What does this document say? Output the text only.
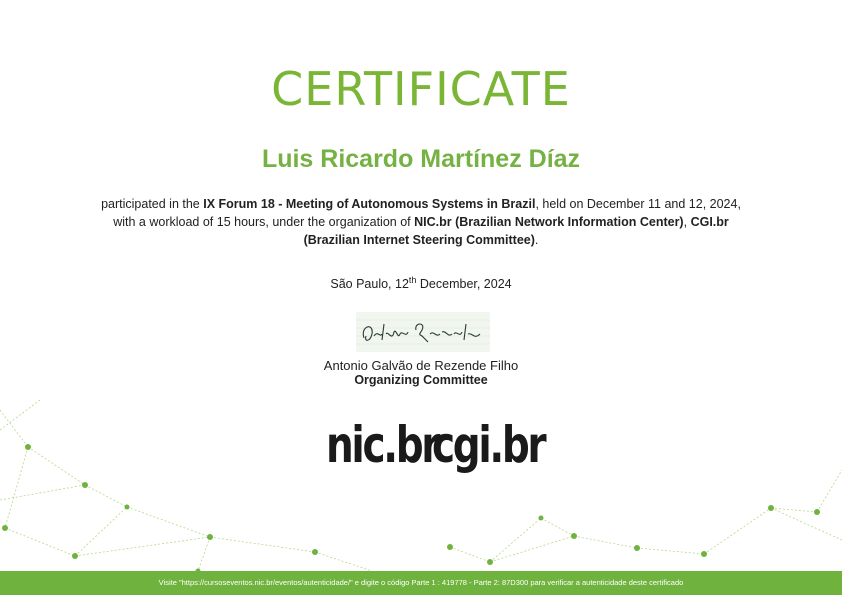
CERTIFICATE
Luis Ricardo Martínez Díaz
participated in the IX Forum 18 - Meeting of Autonomous Systems in Brazil, held on December 11 and 12, 2024,
with a workload of 15 hours, under the organization of NIC.br (Brazilian Network Information Center), CGI.br
(Brazilian Internet Steering Committee).
São Paulo, 12th December, 2024
Antonio Galvão de Rezende Filho
Organizing Committee
nic.br
cgi.br
Visite "https://cursoseventos.nic.br/eventos/autenticidade/" e digite o código Parte 1 : 419778 - Parte 2: 87D300 para verificar a autenticidade deste certificado
